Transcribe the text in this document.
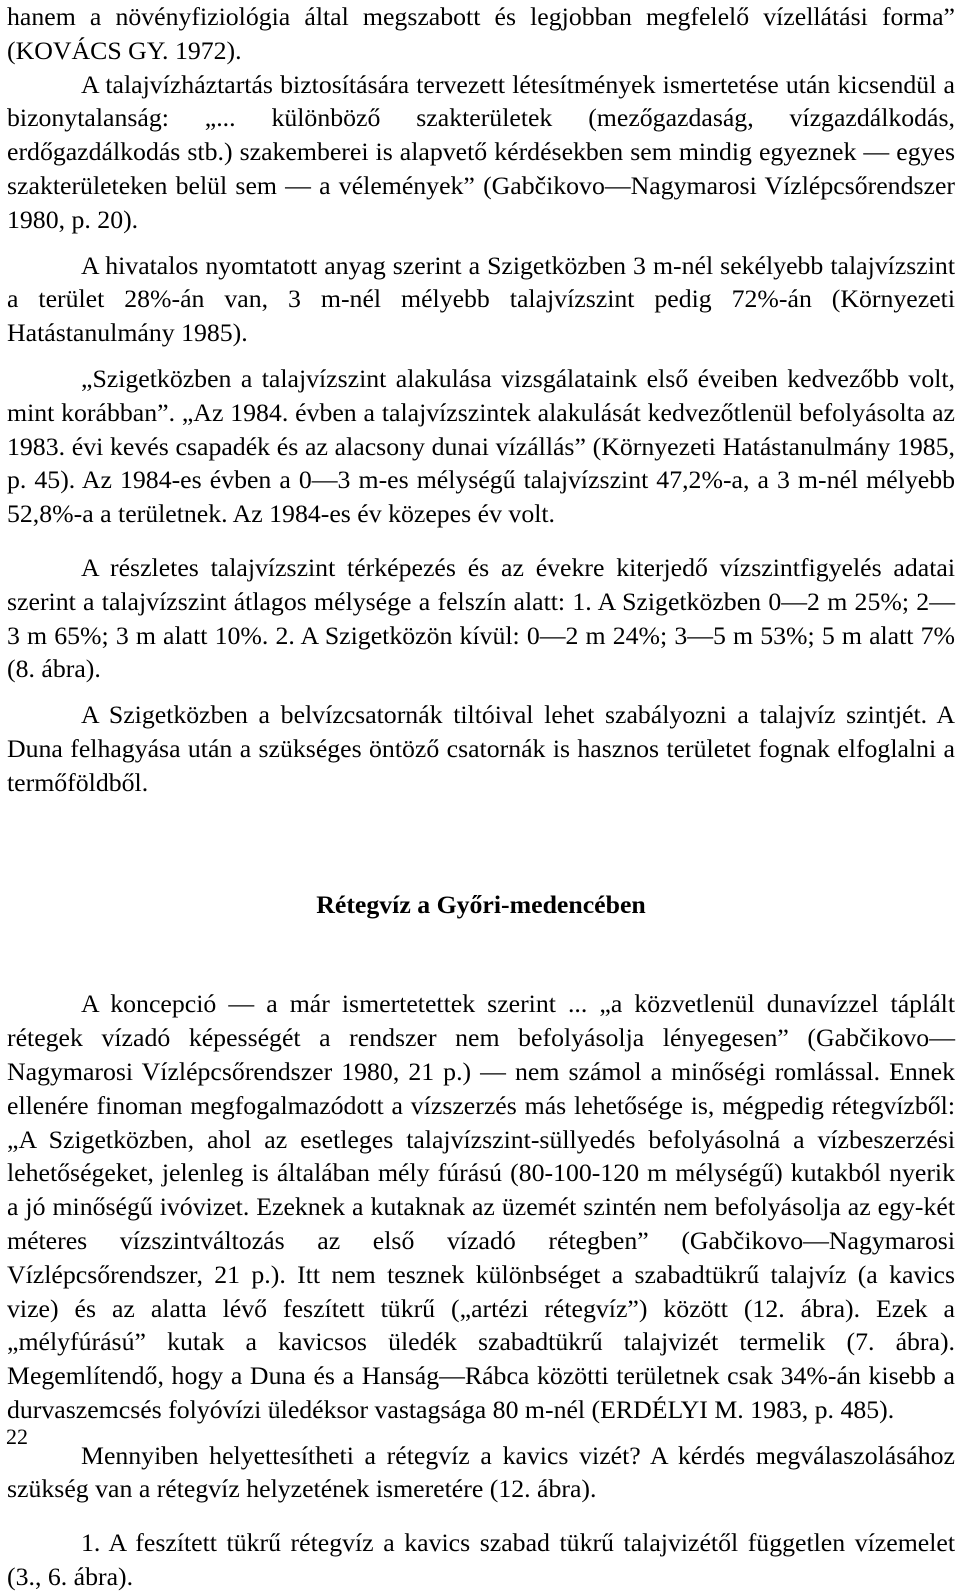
hanem a növényfiziológia által megszabott és legjobban megfelelő vízellátási forma” (KOVÁCS GY. 1972).

A talajvízháztartás biztosítására tervezett létesítmények ismertetése után kicsendül a bizonytalanság: „... különböző szakterületek (mezőgazdaság, vízgazdálkodás, erdőgazdálkodás stb.) szakemberei is alapvető kérdésekben sem mindig egyeznek — egyes szakterületeken belül sem — a vélemények” (Gabčikovo—Nagymarosi Vízlépcsőrendszer 1980, p. 20).

A hivatalos nyomtatott anyag szerint a Szigetközben 3 m-nél sekélyebb talajvízszint a terület 28%-án van, 3 m-nél mélyebb talajvízszint pedig 72%-án (Környezeti Hatástanulmány 1985).

„Szigetközben a talajvízszint alakulása vizsgálataink első éveiben kedvezőbb volt, mint korábban”. „Az 1984. évben a talajvízszintek alakulását kedvezőtlenül befolyásolta az 1983. évi kevés csapadék és az alacsony dunai vízállás” (Környezeti Hatástanulmány 1985, p. 45). Az 1984-es évben a 0—3 m-es mélységű talajvízszint 47,2%-a, a 3 m-nél mélyebb 52,8%-a a területnek. Az 1984-es év közepes év volt.

A részletes talajvízszint térképezés és az évekre kiterjedő vízszintfigyelés adatai szerint a talajvízszint átlagos mélysége a felszín alatt: 1. A Szigetközben 0—2 m 25%; 2—3 m 65%; 3 m alatt 10%. 2. A Szigetközön kívül: 0—2 m 24%; 3—5 m 53%; 5 m alatt 7% (8. ábra).

A Szigetközben a belvízcsatornák tiltóival lehet szabályozni a talajvíz szintjét. A Duna felhagyása után a szükséges öntöző csatornák is hasznos területet fognak elfoglalni a termőföldből.

Rétegvíz a Győri-medencében

A koncepció — a már ismertetettek szerint ... „a közvetlenül dunavízzel táplált rétegek vízadó képességét a rendszer nem befolyásolja lényegesen” (Gabčikovo—Nagymarosi Vízlépcsőrendszer 1980, 21 p.) — nem számol a minőségi romlással. Ennek ellenére finoman megfogalmazódott a vízszerzés más lehetősége is, mégpedig rétegvízből: „A Szigetközben, ahol az esetleges talajvízszint-süllyedés befolyásolná a vízbeszerzési lehetőségeket, jelenleg is általában mély fúrású (80-100-120 m mélységű) kutakból nyerik a jó minőségű ivóvizet. Ezeknek a kutaknak az üzemét szintén nem befolyásolja az egy-két méteres vízszintváltozás az első vízadó rétegben” (Gabčikovo—Nagymarosi Vízlépcsőrendszer, 21 p.). Itt nem tesznek különbséget a szabadtükrű talajvíz (a kavics vize) és az alatta lévő feszített tükrű („artézi rétegvíz”) között (12. ábra). Ezek a „mélyfúrású” kutak a kavicsos üledék szabadtükrű talajvizét termelik (7. ábra). Megemlítendő, hogy a Duna és a Hanság—Rábca közötti területnek csak 34%-án kisebb a durvaszemcsés folyóvízi üledéksor vastagsága 80 m-nél (ERDÉLYI M. 1983, p. 485).

Mennyiben helyettesítheti a rétegvíz a kavics vizét? A kérdés megválaszolásához szükség van a rétegvíz helyzetének ismeretére (12. ábra).

1. A feszített tükrű rétegvíz a kavics szabad tükrű talajvizétől független vízemelet (3., 6. ábra).

22
